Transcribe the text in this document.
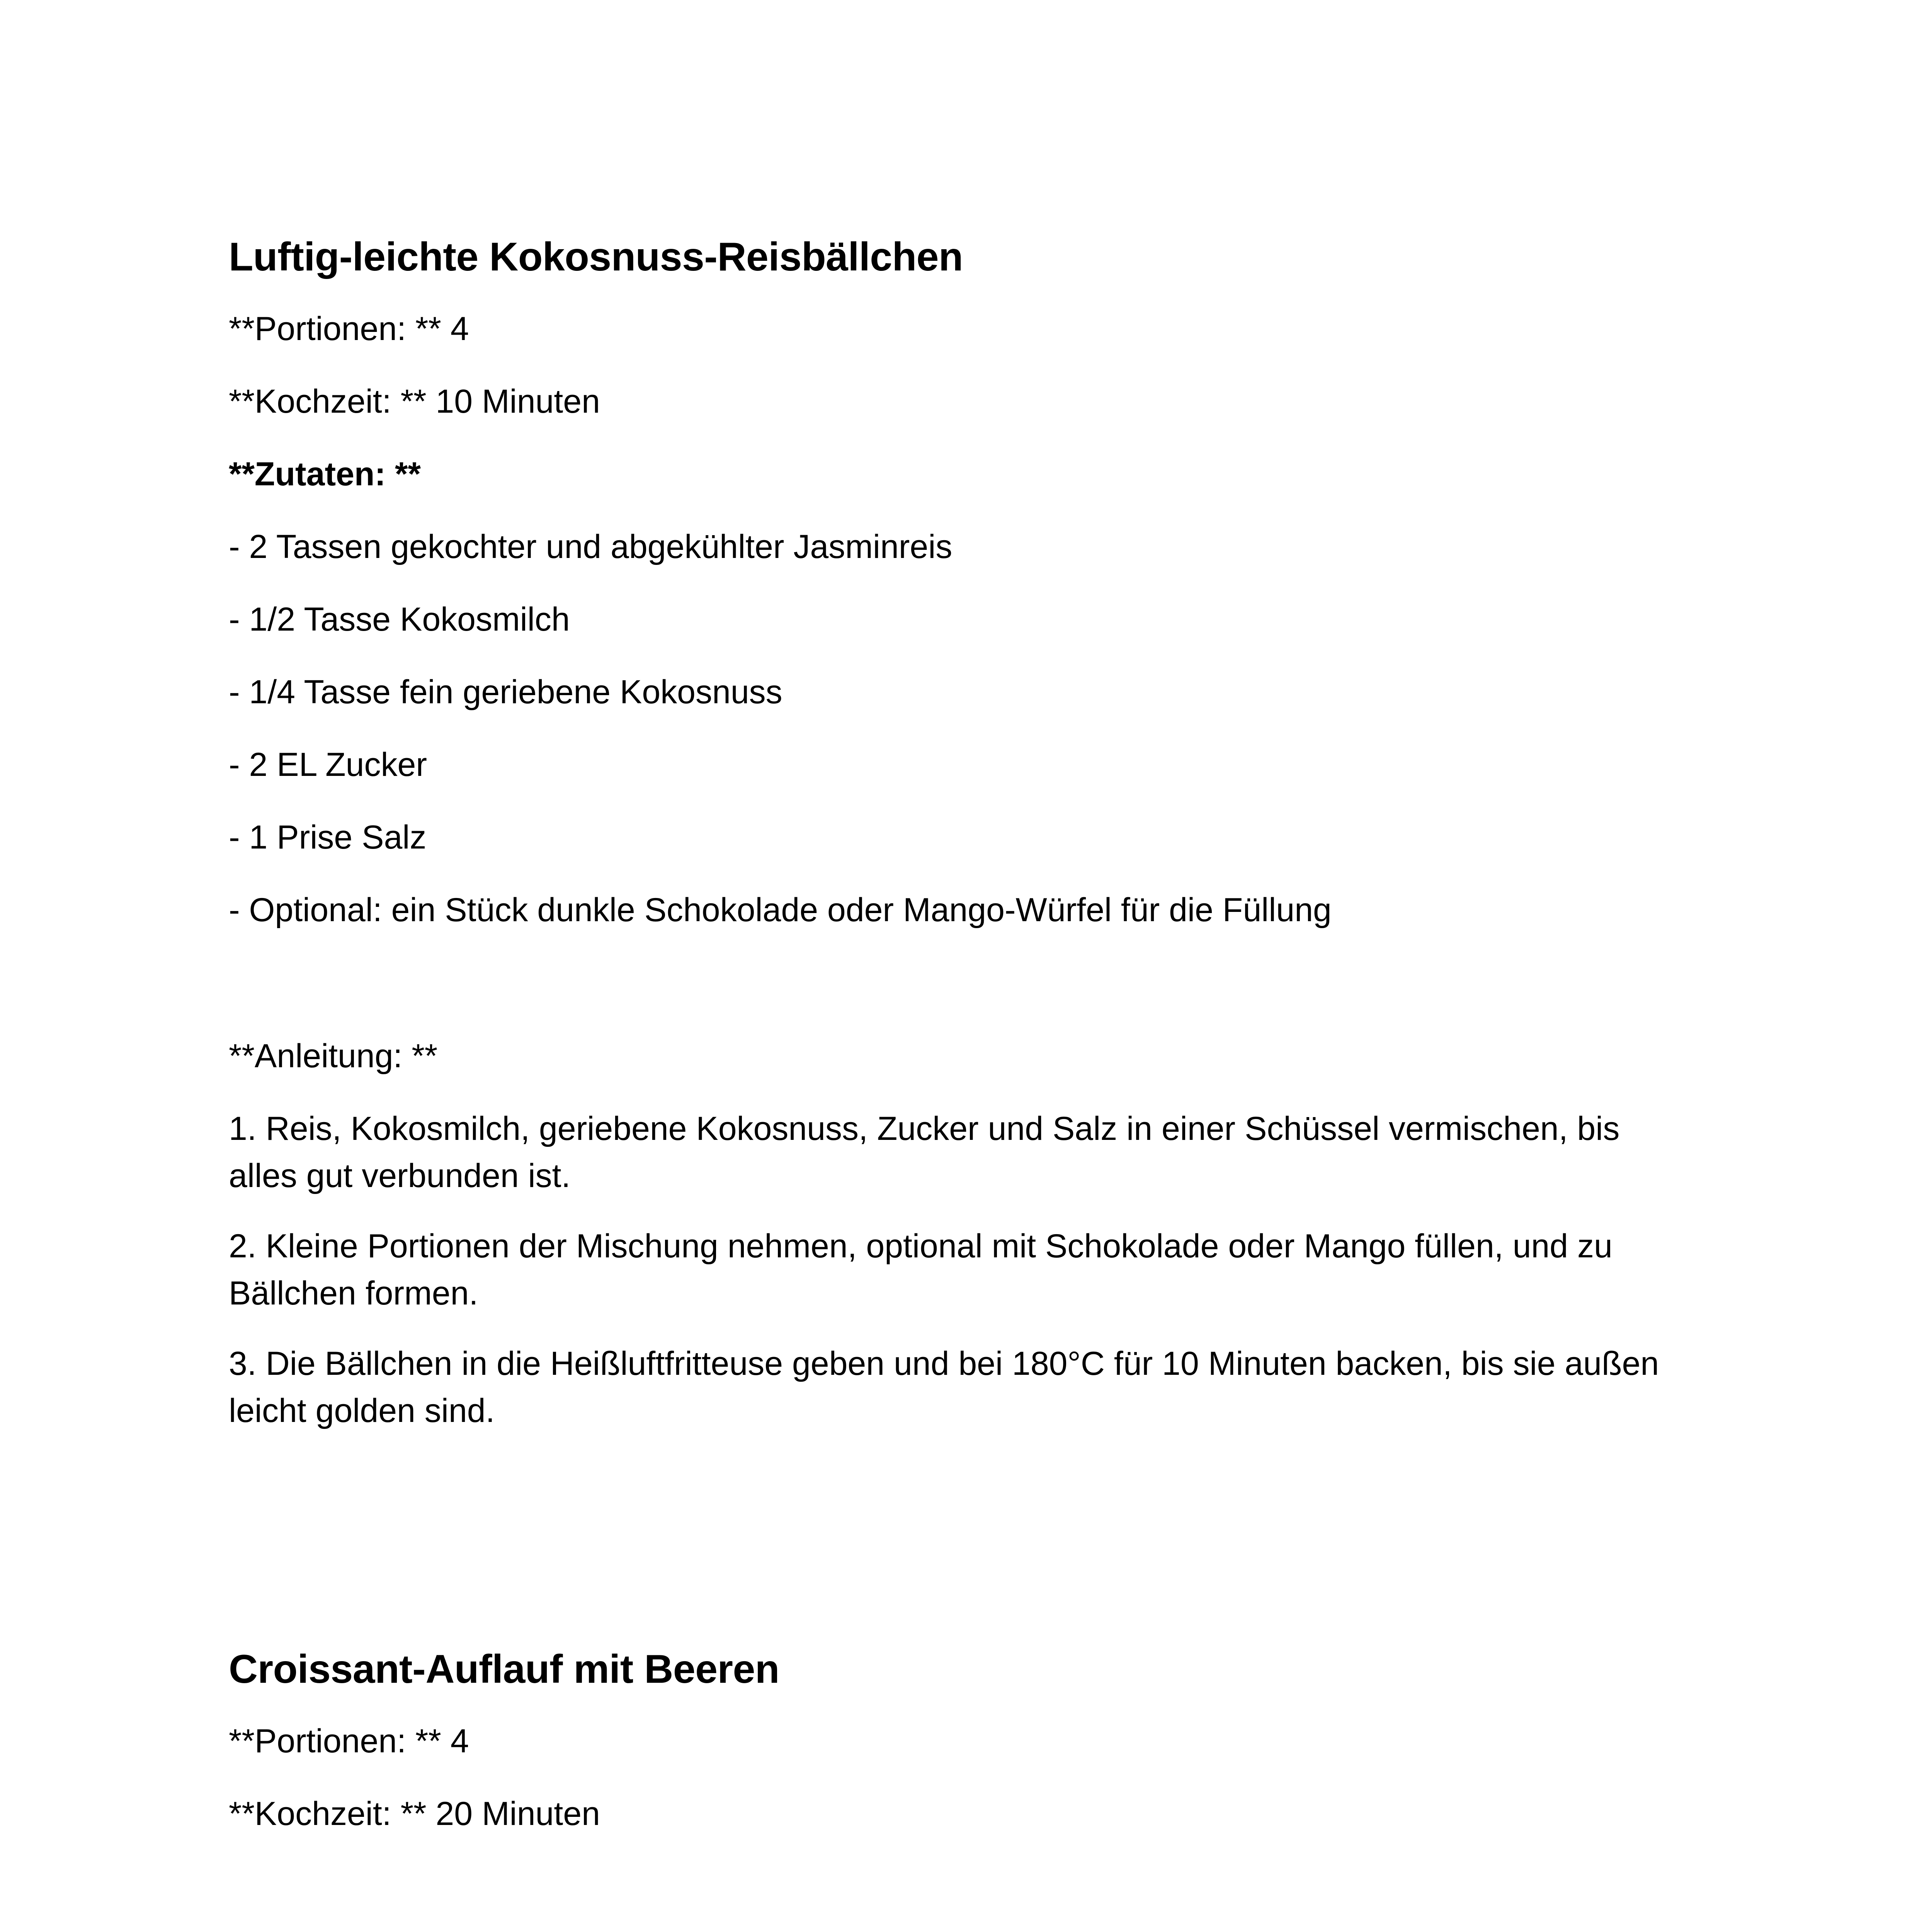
Luftig-leichte Kokosnuss-Reisbällchen

**Portionen: ** 4

**Kochzeit: ** 10 Minuten

**Zutaten: **

- 2 Tassen gekochter und abgekühlter Jasminreis

- 1/2 Tasse Kokosmilch

- 1/4 Tasse fein geriebene Kokosnuss

- 2 EL Zucker

- 1 Prise Salz

- Optional: ein Stück dunkle Schokolade oder Mango-Würfel für die Füllung

**Anleitung: **

1. Reis, Kokosmilch, geriebene Kokosnuss, Zucker und Salz in einer Schüssel vermischen, bis alles gut verbunden ist.

2. Kleine Portionen der Mischung nehmen, optional mit Schokolade oder Mango füllen, und zu Bällchen formen.

3. Die Bällchen in die Heißluftfritteuse geben und bei 180°C für 10 Minuten backen, bis sie außen leicht golden sind.

Croissant-Auflauf mit Beeren

**Portionen: ** 4

**Kochzeit: ** 20 Minuten
